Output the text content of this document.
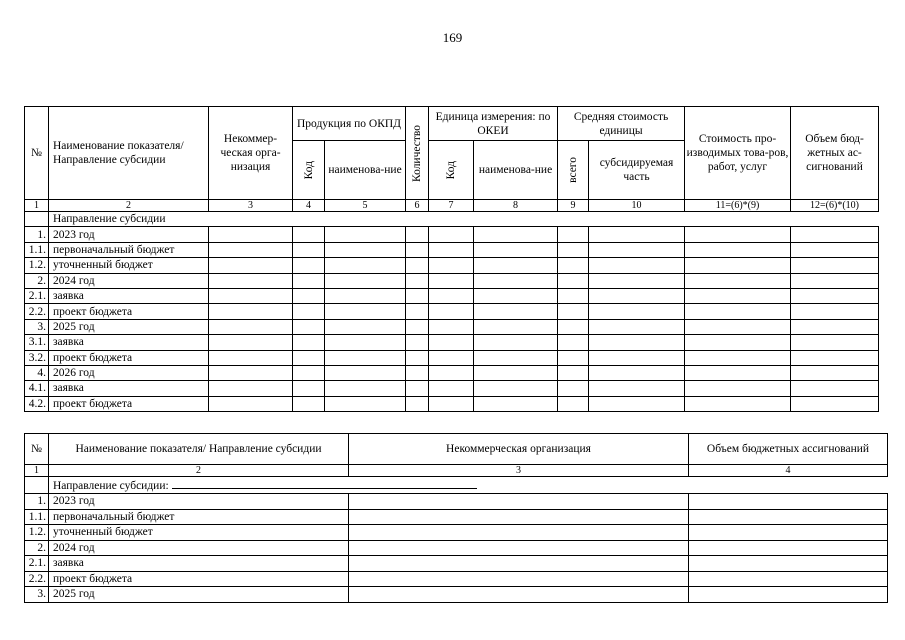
169
№	Наименование показателя/ Направление субсидии	Некоммер-ческая орга-низация	Продукция по ОКПД		Количество	Единица измерения: по ОКЕИ		Средняя стоимость единицы		Стоимость про-изводимых това-ров, работ, услуг	Объем бюд-жетных ас-сигнований

			Код	наименова-ние		Код	наименова-ние	всего	субсидируемая часть		
1	2	3	4	5	6	7	8	9	10	11=(6)*(9)	12=(6)*(10)
	Направление субсидии										
1.	2023 год										
1.1.	первоначальный бюджет										
1.2.	уточненный бюджет										
2.	2024 год										
2.1.	заявка										
2.2.	проект бюджета										
3.	2025 год										
3.1.	заявка										
3.2.	проект бюджета										
4.	2026 год										
4.1.	заявка										
4.2.	проект бюджета										
№	Наименование показателя/ Направление субсидии	Некоммерческая организация	Объем бюджетных ассигнований
1	2	3	4
	Направление субсидии:		
1.	2023 год		
1.1.	первоначальный бюджет		
1.2.	уточненный бюджет		
2.	2024 год		
2.1.	заявка		
2.2.	проект бюджета		
3.	2025 год		
